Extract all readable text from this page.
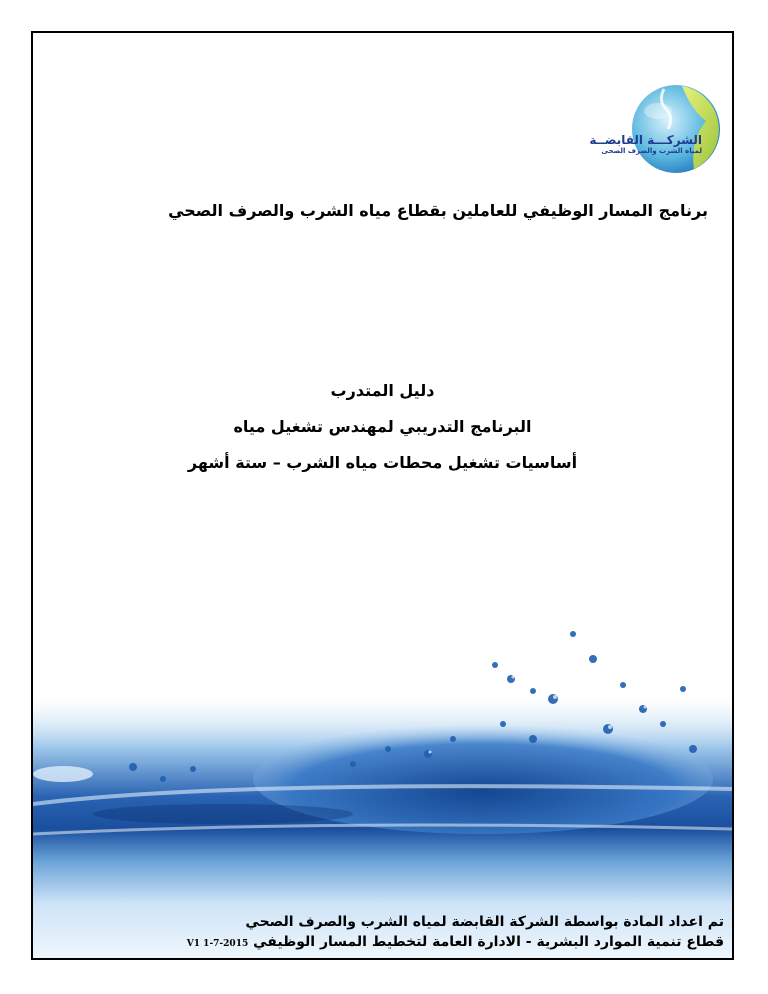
الشركـــة القابضــة
لمياه الشرب والصرف الصحى
برنامج المسار الوظيفي للعاملين بقطاع مياه الشرب والصرف الصحي
دليل المتدرب
البرنامج التدريبي لمهندس تشغيل مياه
أساسيات تشغيل محطات مياه الشرب – ستة أشهر
تم اعداد المادة بواسطة الشركة القابضة لمياه الشرب والصرف الصحي
قطاع تنمية الموارد البشرية - الادارة العامة لتخطيط المسار الوظيفي V1 1-7-2015
